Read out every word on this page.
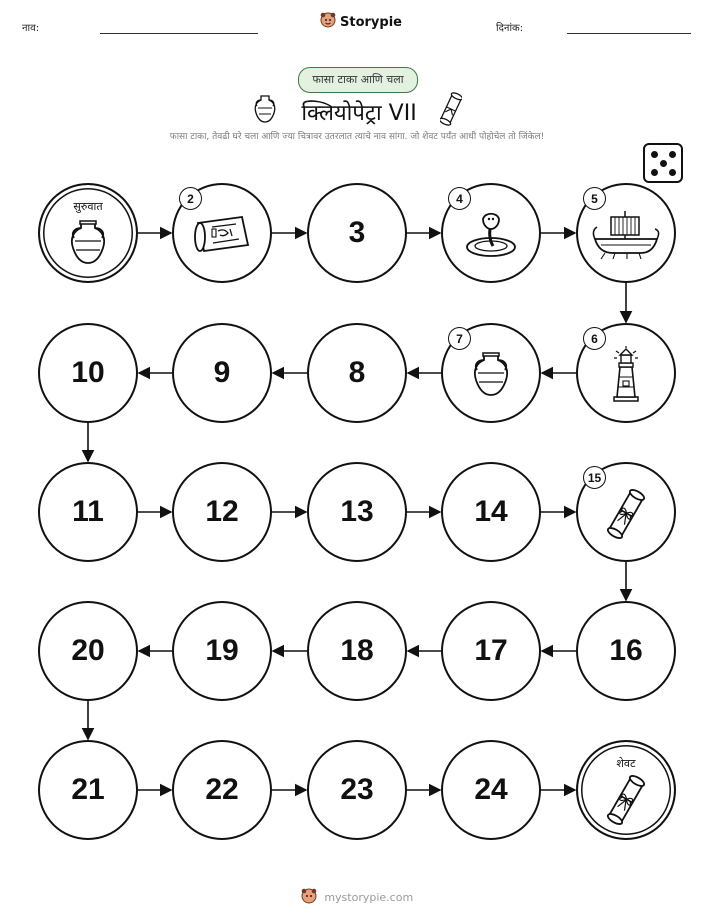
नाव:	Storypie	दिनांक:
फासा टाका आणि चला
क्लियोपेट्रा VII
फासा टाका, तेवढी घरे चला आणि ज्या चित्रावर उतरलात त्याचे नाव सांगा. जो शेवट पर्यंत आधी पोहोचेल तो जिंकेल!
सुरुवात
2
3
4	5
6
7
8
9
10
11	12	13	14
15
16
17
18
19
20
21	22	23	24
शेवट
mystorypie.com
